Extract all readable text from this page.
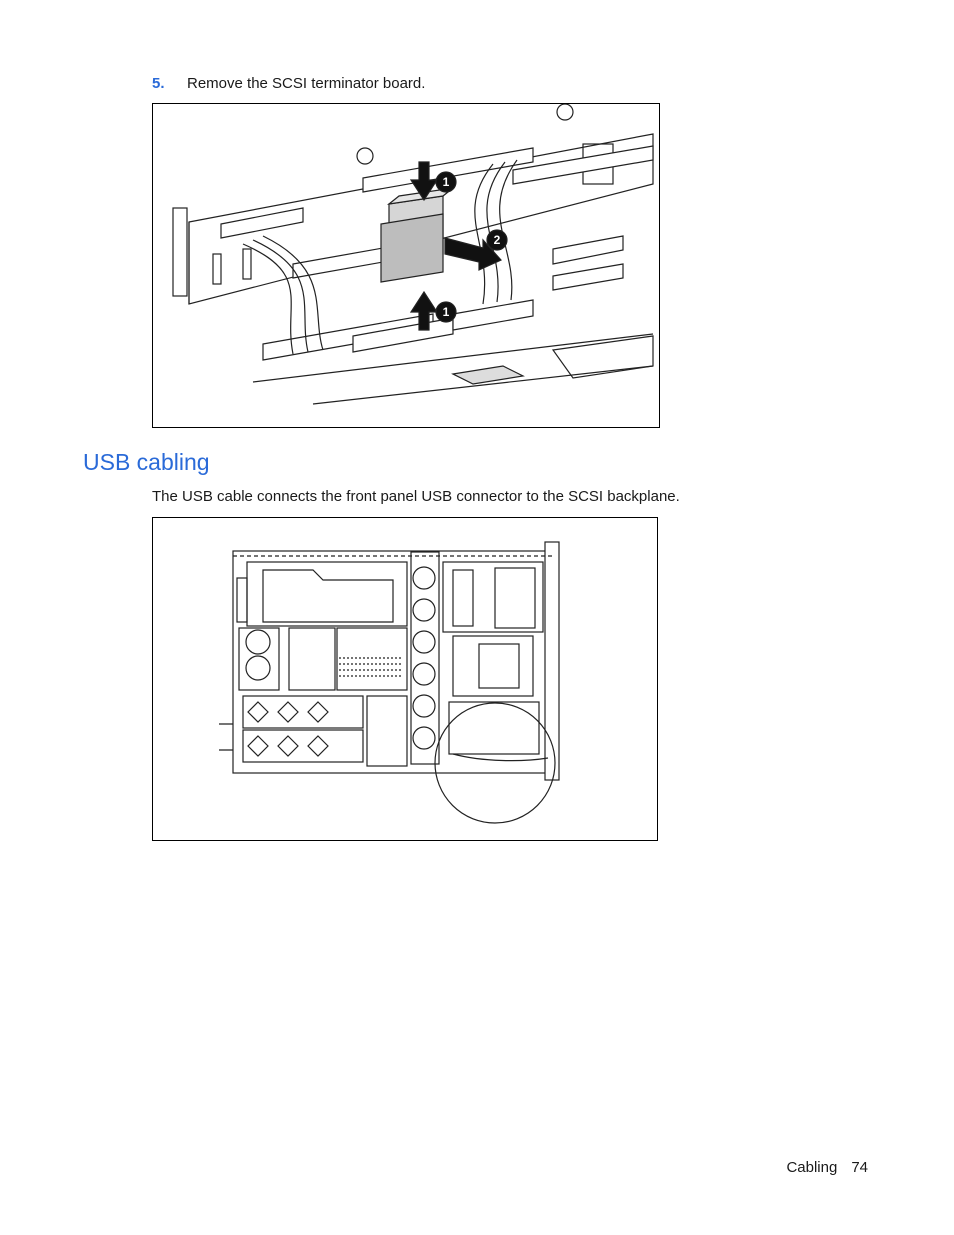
5. Remove the SCSI terminator board.
1
2
1
USB cabling

The USB cable connects the front panel USB connector to the SCSI backplane.

Cabling 74
